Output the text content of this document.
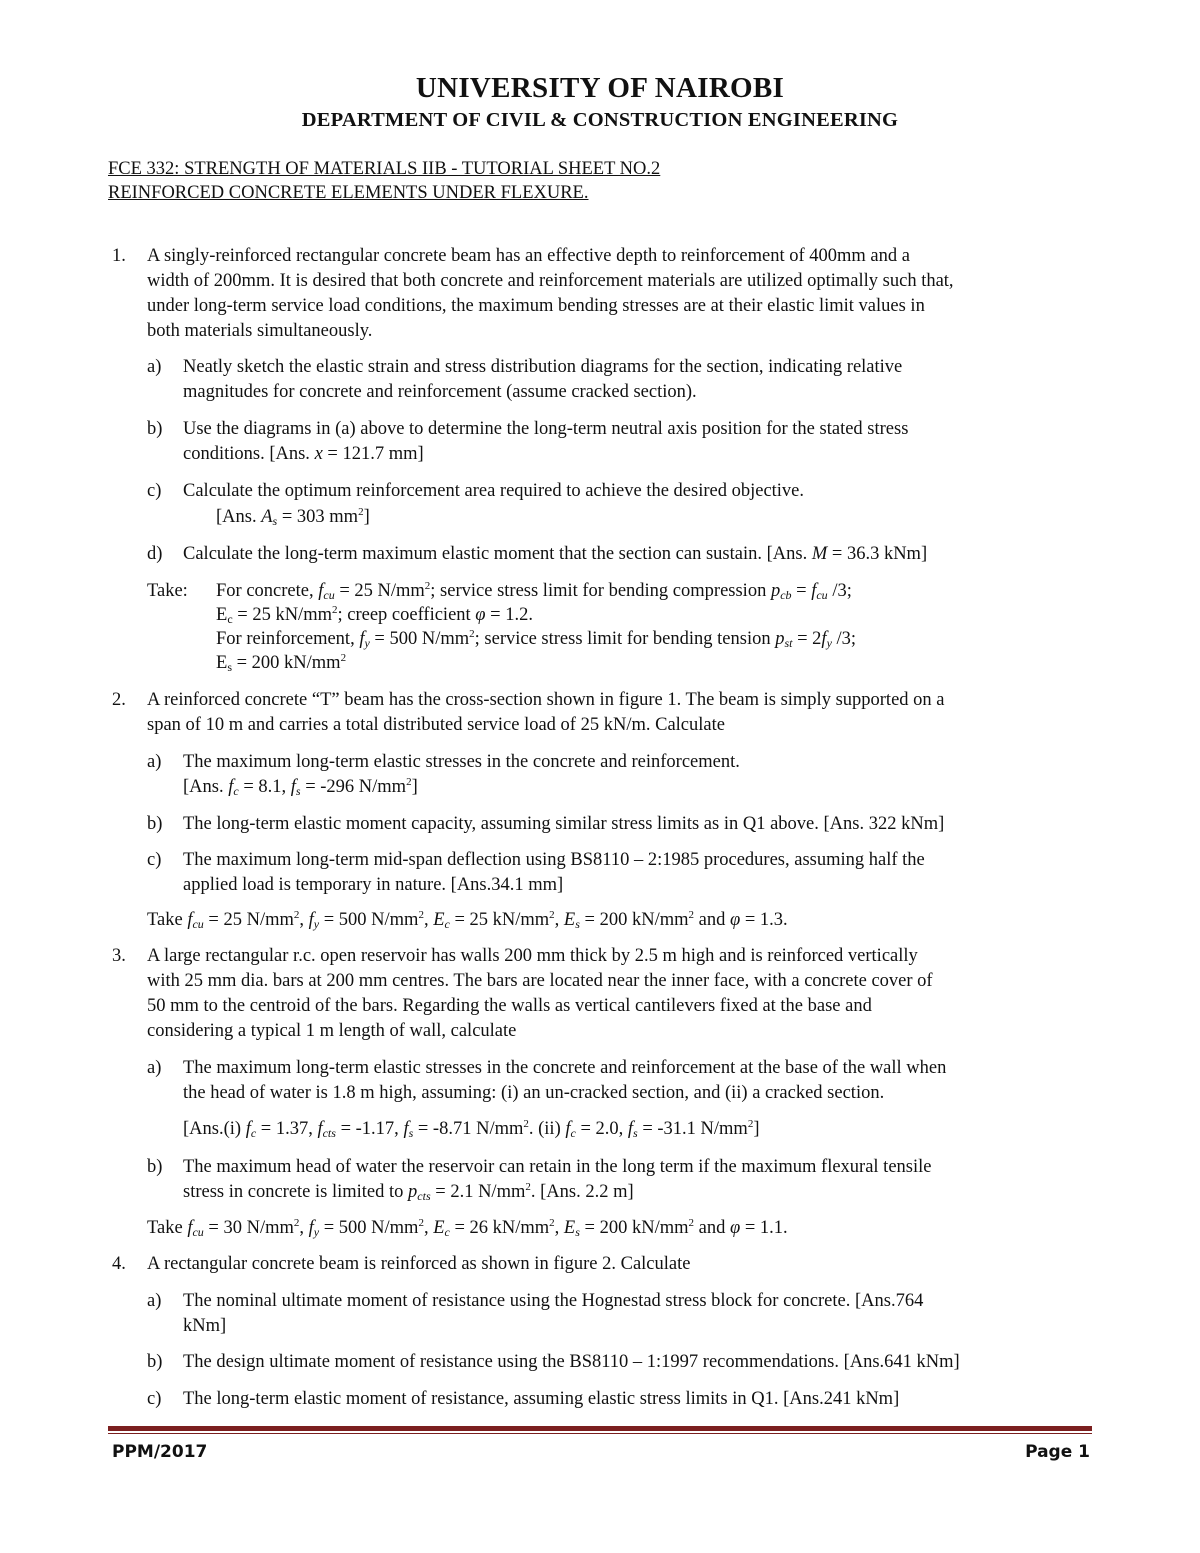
UNIVERSITY OF NAIROBI
DEPARTMENT OF CIVIL & CONSTRUCTION ENGINEERING
FCE 332: STRENGTH OF MATERIALS IIB - TUTORIAL SHEET NO.2
REINFORCED CONCRETE ELEMENTS UNDER FLEXURE.
1. A singly-reinforced rectangular concrete beam has an effective depth to reinforcement of 400mm and a
width of 200mm. It is desired that both concrete and reinforcement materials are utilized optimally such that,
under long-term service load conditions, the maximum bending stresses are at their elastic limit values in
both materials simultaneously.
a) Neatly sketch the elastic strain and stress distribution diagrams for the section, indicating relative
magnitudes for concrete and reinforcement (assume cracked section).
b) Use the diagrams in (a) above to determine the long-term neutral axis position for the stated stress
conditions. [Ans. x = 121.7 mm]
c) Calculate the optimum reinforcement area required to achieve the desired objective.
[Ans. As = 303 $mm^2$]
d) Calculate the long-term maximum elastic moment that the section can sustain. [Ans. M = 36.3 kNm]
Take: For concrete, fcu = 25 $N/mm^2$; service stress limit for bending compression pcb = fcu /3;
Ec = 25 $kN/mm^2$; creep coefficient φ = 1.2.
For reinforcement, fy = 500 $N/mm^2$; service stress limit for bending tension pst = 2fy /3;
Es = 200 $kN/mm^2$
2. A reinforced concrete “T” beam has the cross-section shown in figure 1. The beam is simply supported on a
span of 10 m and carries a total distributed service load of 25 kN/m. Calculate
a) The maximum long-term elastic stresses in the concrete and reinforcement.
[Ans. fc = 8.1, fs = -296 $N/mm^2$]
b) The long-term elastic moment capacity, assuming similar stress limits as in Q1 above. [Ans. 322 kNm]
c) The maximum long-term mid-span deflection using BS8110 – 2:1985 procedures, assuming half the
applied load is temporary in nature. [Ans.34.1 mm]
Take fcu = 25 $N/mm^2$, fy = 500 $N/mm^2$, Ec = 25 $kN/mm^2$, Es = 200 $kN/mm^2$ and φ = 1.3.
3. A large rectangular r.c. open reservoir has walls 200 mm thick by 2.5 m high and is reinforced vertically
with 25 mm dia. bars at 200 mm centres. The bars are located near the inner face, with a concrete cover of
50 mm to the centroid of the bars. Regarding the walls as vertical cantilevers fixed at the base and
considering a typical 1 m length of wall, calculate
a) The maximum long-term elastic stresses in the concrete and reinforcement at the base of the wall when
the head of water is 1.8 m high, assuming: (i) an un-cracked section, and (ii) a cracked section.
[Ans.(i) fc = 1.37, fcts = -1.17, fs = -8.71 $N/mm^2$. (ii) fc = 2.0, fs = -31.1 $N/mm^2$]
b) The maximum head of water the reservoir can retain in the long term if the maximum flexural tensile
stress in concrete is limited to pcts = 2.1 $N/mm^2$. [Ans. 2.2 m]
Take fcu = 30 $N/mm^2$, fy = 500 $N/mm^2$, Ec = 26 $kN/mm^2$, Es = 200 $kN/mm^2$ and φ = 1.1.
4. A rectangular concrete beam is reinforced as shown in figure 2. Calculate
a) The nominal ultimate moment of resistance using the Hognestad stress block for concrete. [Ans.764
kNm]
b) The design ultimate moment of resistance using the BS8110 – 1:1997 recommendations. [Ans.641 kNm]
c) The long-term elastic moment of resistance, assuming elastic stress limits in Q1. [Ans.241 kNm]
PPM/2017	Page 1
